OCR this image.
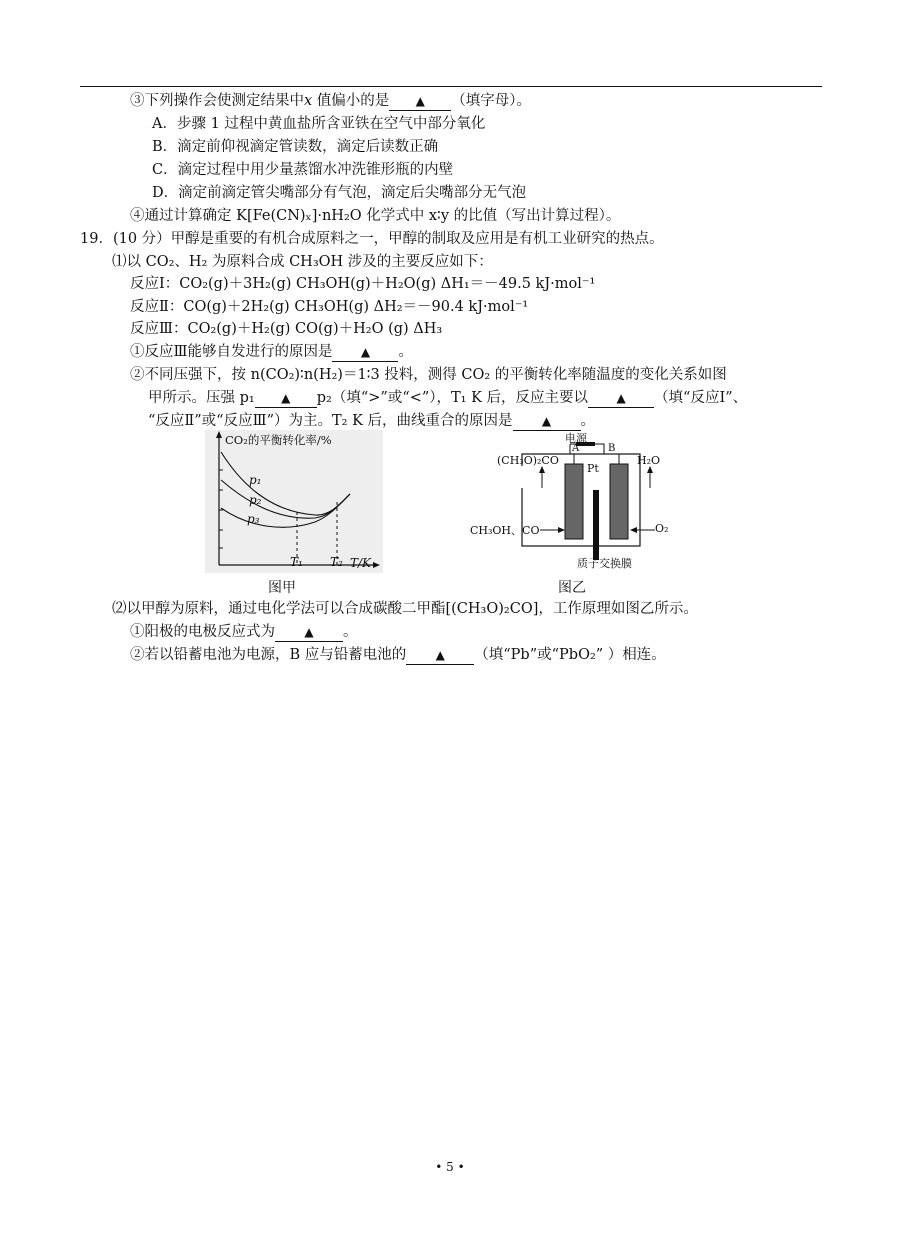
③下列操作会使测定结果中x 值偏小的是 ▲ （填字母）。
A．步骤 1 过程中黄血盐所含亚铁在空气中部分氧化
B．滴定前仰视滴定管读数，滴定后读数正确
C．滴定过程中用少量蒸馏水冲洗锥形瓶的内壁
D．滴定前滴定管尖嘴部分有气泡，滴定后尖嘴部分无气泡
④通过计算确定 K[Fe(CN)ₓ]·nH₂O 化学式中 x∶y 的比值（写出计算过程）。
19．(10 分）甲醇是重要的有机合成原料之一，甲醇的制取及应用是有机工业研究的热点。
⑴以 CO₂、H₂ 为原料合成 CH₃OH 涉及的主要反应如下：
反应Ⅰ：CO₂(g)＋3H₂(g) CH₃OH(g)＋H₂O(g) ΔH₁＝－49.5 kJ·mol⁻¹
反应Ⅱ：CO(g)＋2H₂(g) CH₃OH(g) ΔH₂＝－90.4 kJ·mol⁻¹
反应Ⅲ：CO₂(g)＋H₂(g) CO(g)＋H₂O (g) ΔH₃
①反应Ⅲ能够自发进行的原因是 ▲ 。
②不同压强下，按 n(CO₂)∶n(H₂)＝1∶3 投料，测得 CO₂ 的平衡转化率随温度的变化关系如图
甲所示。压强 p₁ ▲ p₂（填“>”或“<”），T₁ K 后，反应主要以 ▲ （填“反应Ⅰ”、
“反应Ⅱ”或“反应Ⅲ”）为主。T₂ K 后，曲线重合的原因是 ▲ 。
CO₂的平衡转化率/%
p₁
p₂
p₃
T₁ T₂ T/K
图甲
电源
A	B
Pt
(CH₃O)₂CO	H₂O
CH₃OH、CO	O₂
质子交换膜
图乙
⑵以甲醇为原料，通过电化学法可以合成碳酸二甲酯[(CH₃O)₂CO]，工作原理如图乙所示。
①阳极的电极反应式为 ▲ 。
②若以铅蓄电池为电源，B 应与铅蓄电池的 ▲ （填“Pb”或“PbO₂” ）相连。
• 5 •
